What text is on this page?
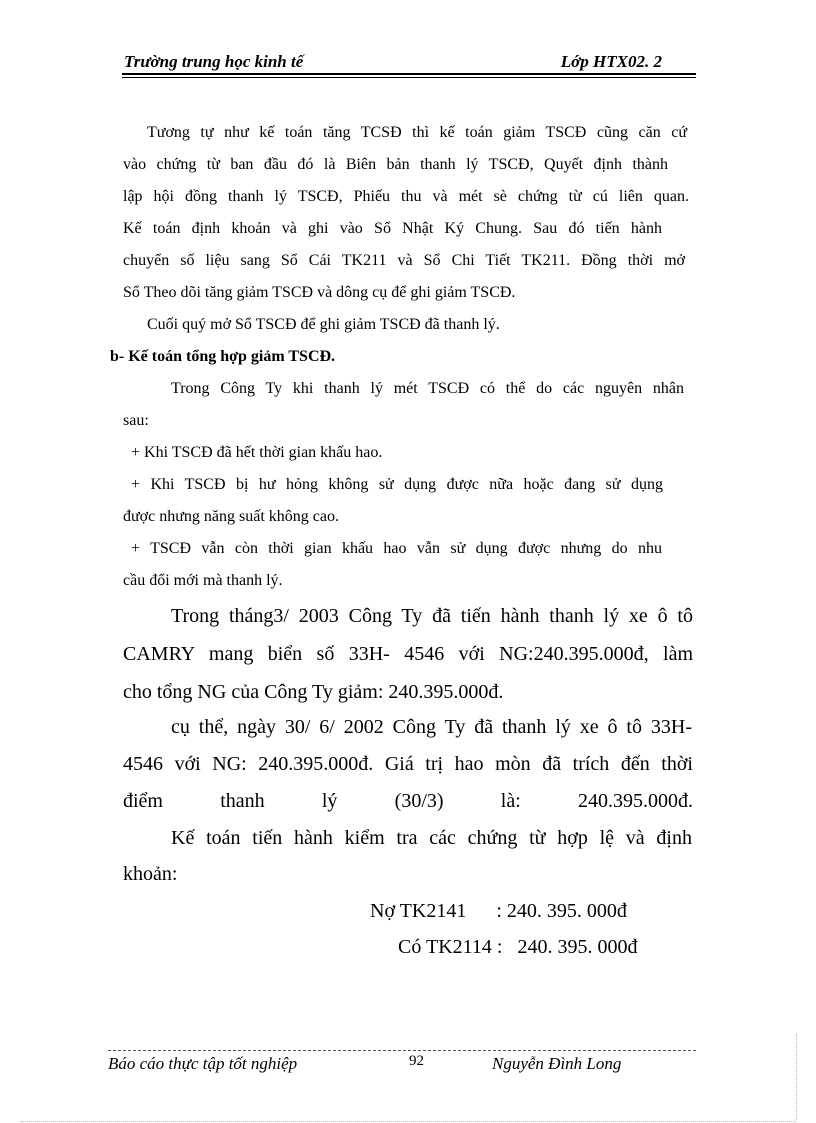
Trường trung học kinh tế	Lớp HTX02. 2

Tương tự như kế toán tăng TCSĐ thì kế toán giảm TSCĐ cũng căn cứ

vào chứng từ ban đầu đó là Biên bản thanh lý TSCĐ, Quyết định thành

lập hội đồng thanh lý TSCĐ, Phiếu thu và mét sè chứng từ cú liên quan.

Kế toán định khoản và ghi vào Sổ Nhật Ký Chung. Sau đó tiến hành

chuyển số liệu sang Sổ Cái TK211 và Sổ Chi Tiết TK211. Đồng thời mở

Sổ Theo dõi tăng giảm TSCĐ và dông cụ để ghi giảm TSCĐ.

Cuối quý mở Sổ TSCĐ để ghi giảm TSCĐ đã thanh lý.

b- Kế toán tổng hợp giảm TSCĐ.

Trong Công Ty khi thanh lý mét TSCĐ có thể do các nguyên nhân

sau:

+ Khi TSCĐ đã hết thời gian khấu hao.

+ Khi TSCĐ bị hư hỏng không sử dụng được nữa hoặc đang sử dụng

được nhưng năng suất không cao.

+ TSCĐ vẫn còn thời gian khấu hao vẫn sử dụng được nhưng do nhu

cầu đổi mới mà thanh lý.

Trong tháng3/ 2003 Công Ty đã tiến hành thanh lý xe ô tô

CAMRY mang biển số 33H- 4546 với NG:240.395.000đ, làm

cho tổng NG của Công Ty giảm: 240.395.000đ.

cụ thể, ngày 30/ 6/ 2002 Công Ty đã thanh lý xe ô tô 33H-

4546 với NG: 240.395.000đ. Giá trị hao mòn đã trích đến thời

điểm thanh lý (30/3) là: 240.395.000đ.

Kế toán tiến hành kiểm tra các chứng từ hợp lệ và định

khoản:

Nợ TK2141      : 240. 395. 000đ

Có TK2114 :   240. 395. 000đ

Báo cáo thực tập tốt nghiệp	92	Nguyễn Đình Long
